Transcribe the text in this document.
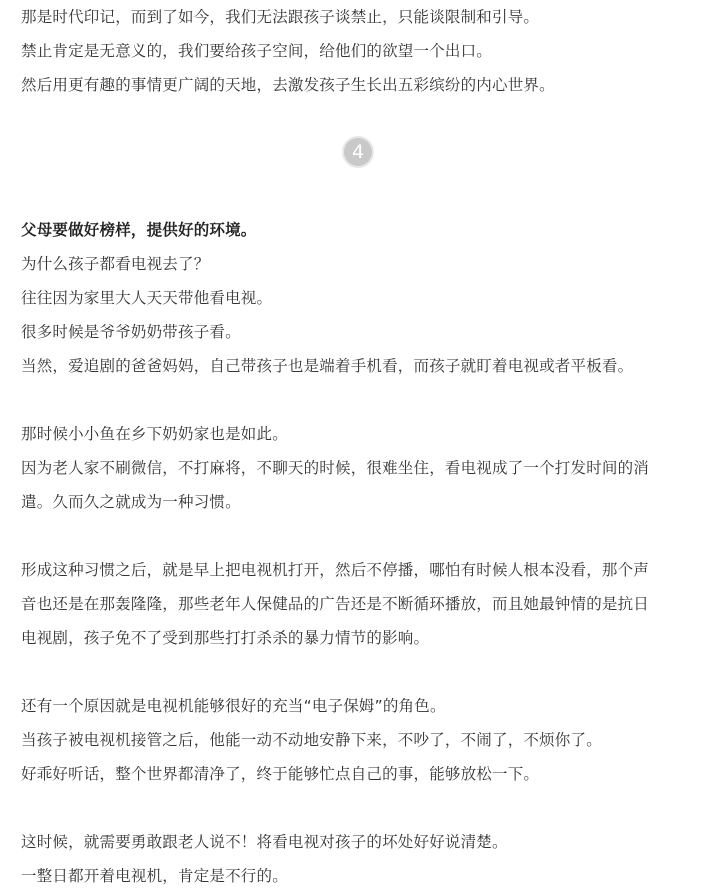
那是时代印记，而到了如今，我们无法跟孩子谈禁止，只能谈限制和引导。
禁止肯定是无意义的，我们要给孩子空间，给他们的欲望一个出口。
然后用更有趣的事情更广阔的天地，去激发孩子生长出五彩缤纷的内心世界。
4
父母要做好榜样，提供好的环境。
为什么孩子都看电视去了？
往往因为家里大人天天带他看电视。
很多时候是爷爷奶奶带孩子看。
当然，爱追剧的爸爸妈妈，自己带孩子也是端着手机看，而孩子就盯着电视或者平板看。
那时候小小鱼在乡下奶奶家也是如此。
因为老人家不刷微信，不打麻将，不聊天的时候，很难坐住，看电视成了一个打发时间的消
遣。久而久之就成为一种习惯。
形成这种习惯之后，就是早上把电视机打开，然后不停播，哪怕有时候人根本没看，那个声
音也还是在那轰隆隆，那些老年人保健品的广告还是不断循环播放，而且她最钟情的是抗日
电视剧，孩子免不了受到那些打打杀杀的暴力情节的影响。
还有一个原因就是电视机能够很好的充当“电子保姆”的角色。
当孩子被电视机接管之后，他能一动不动地安静下来，不吵了，不闹了，不烦你了。
好乖好听话，整个世界都清净了，终于能够忙点自己的事，能够放松一下。
这时候，就需要勇敢跟老人说不！将看电视对孩子的坏处好好说清楚。
一整日都开着电视机，肯定是不行的。
